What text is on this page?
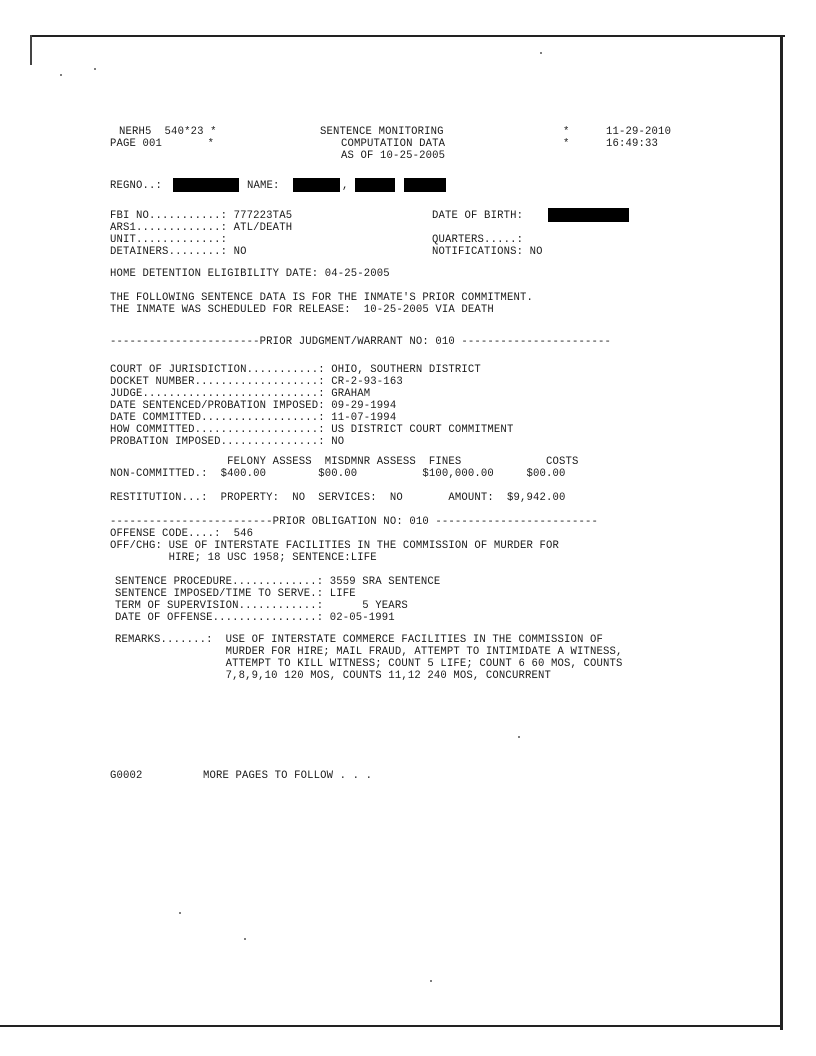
NERH5  540*23 *
PAGE 001       *
SENTENCE MONITORING
COMPUTATION DATA
AS OF 10-25-2005
*
*
11-29-2010
16:49:33
REGNO..:	NAME:	,
FBI NO...........: 777223TA5	DATE OF BIRTH:
ARS1.............: ATL/DEATH
UNIT.............:	QUARTERS.....:
DETAINERS........: NO	NOTIFICATIONS: NO
HOME DETENTION ELIGIBILITY DATE: 04-25-2005
THE FOLLOWING SENTENCE DATA IS FOR THE INMATE'S PRIOR COMMITMENT.
THE INMATE WAS SCHEDULED FOR RELEASE:  10-25-2005 VIA DEATH
-----------------------PRIOR JUDGMENT/WARRANT NO: 010 -----------------------
COURT OF JURISDICTION...........: OHIO, SOUTHERN DISTRICT
DOCKET NUMBER...................: CR-2-93-163
JUDGE...........................: GRAHAM
DATE SENTENCED/PROBATION IMPOSED: 09-29-1994
DATE COMMITTED..................: 11-07-1994
HOW COMMITTED...................: US DISTRICT COURT COMMITMENT
PROBATION IMPOSED...............: NO
FELONY ASSESS  MISDMNR ASSESS  FINES             COSTS
NON-COMMITTED.:  $400.00        $00.00          $100,000.00     $00.00
RESTITUTION...:  PROPERTY:  NO  SERVICES:  NO       AMOUNT:  $9,942.00
-------------------------PRIOR OBLIGATION NO: 010 -------------------------
OFFENSE CODE....:  546
OFF/CHG: USE OF INTERSTATE FACILITIES IN THE COMMISSION OF MURDER FOR
HIRE; 18 USC 1958; SENTENCE:LIFE
SENTENCE PROCEDURE.............: 3559 SRA SENTENCE
SENTENCE IMPOSED/TIME TO SERVE.: LIFE
TERM OF SUPERVISION............:      5 YEARS
DATE OF OFFENSE................: 02-05-1991
REMARKS.......:  USE OF INTERSTATE COMMERCE FACILITIES IN THE COMMISSION OF
MURDER FOR HIRE; MAIL FRAUD, ATTEMPT TO INTIMIDATE A WITNESS,
ATTEMPT TO KILL WITNESS; COUNT 5 LIFE; COUNT 6 60 MOS, COUNTS
7,8,9,10 120 MOS, COUNTS 11,12 240 MOS, CONCURRENT
G0002	MORE PAGES TO FOLLOW . . .
